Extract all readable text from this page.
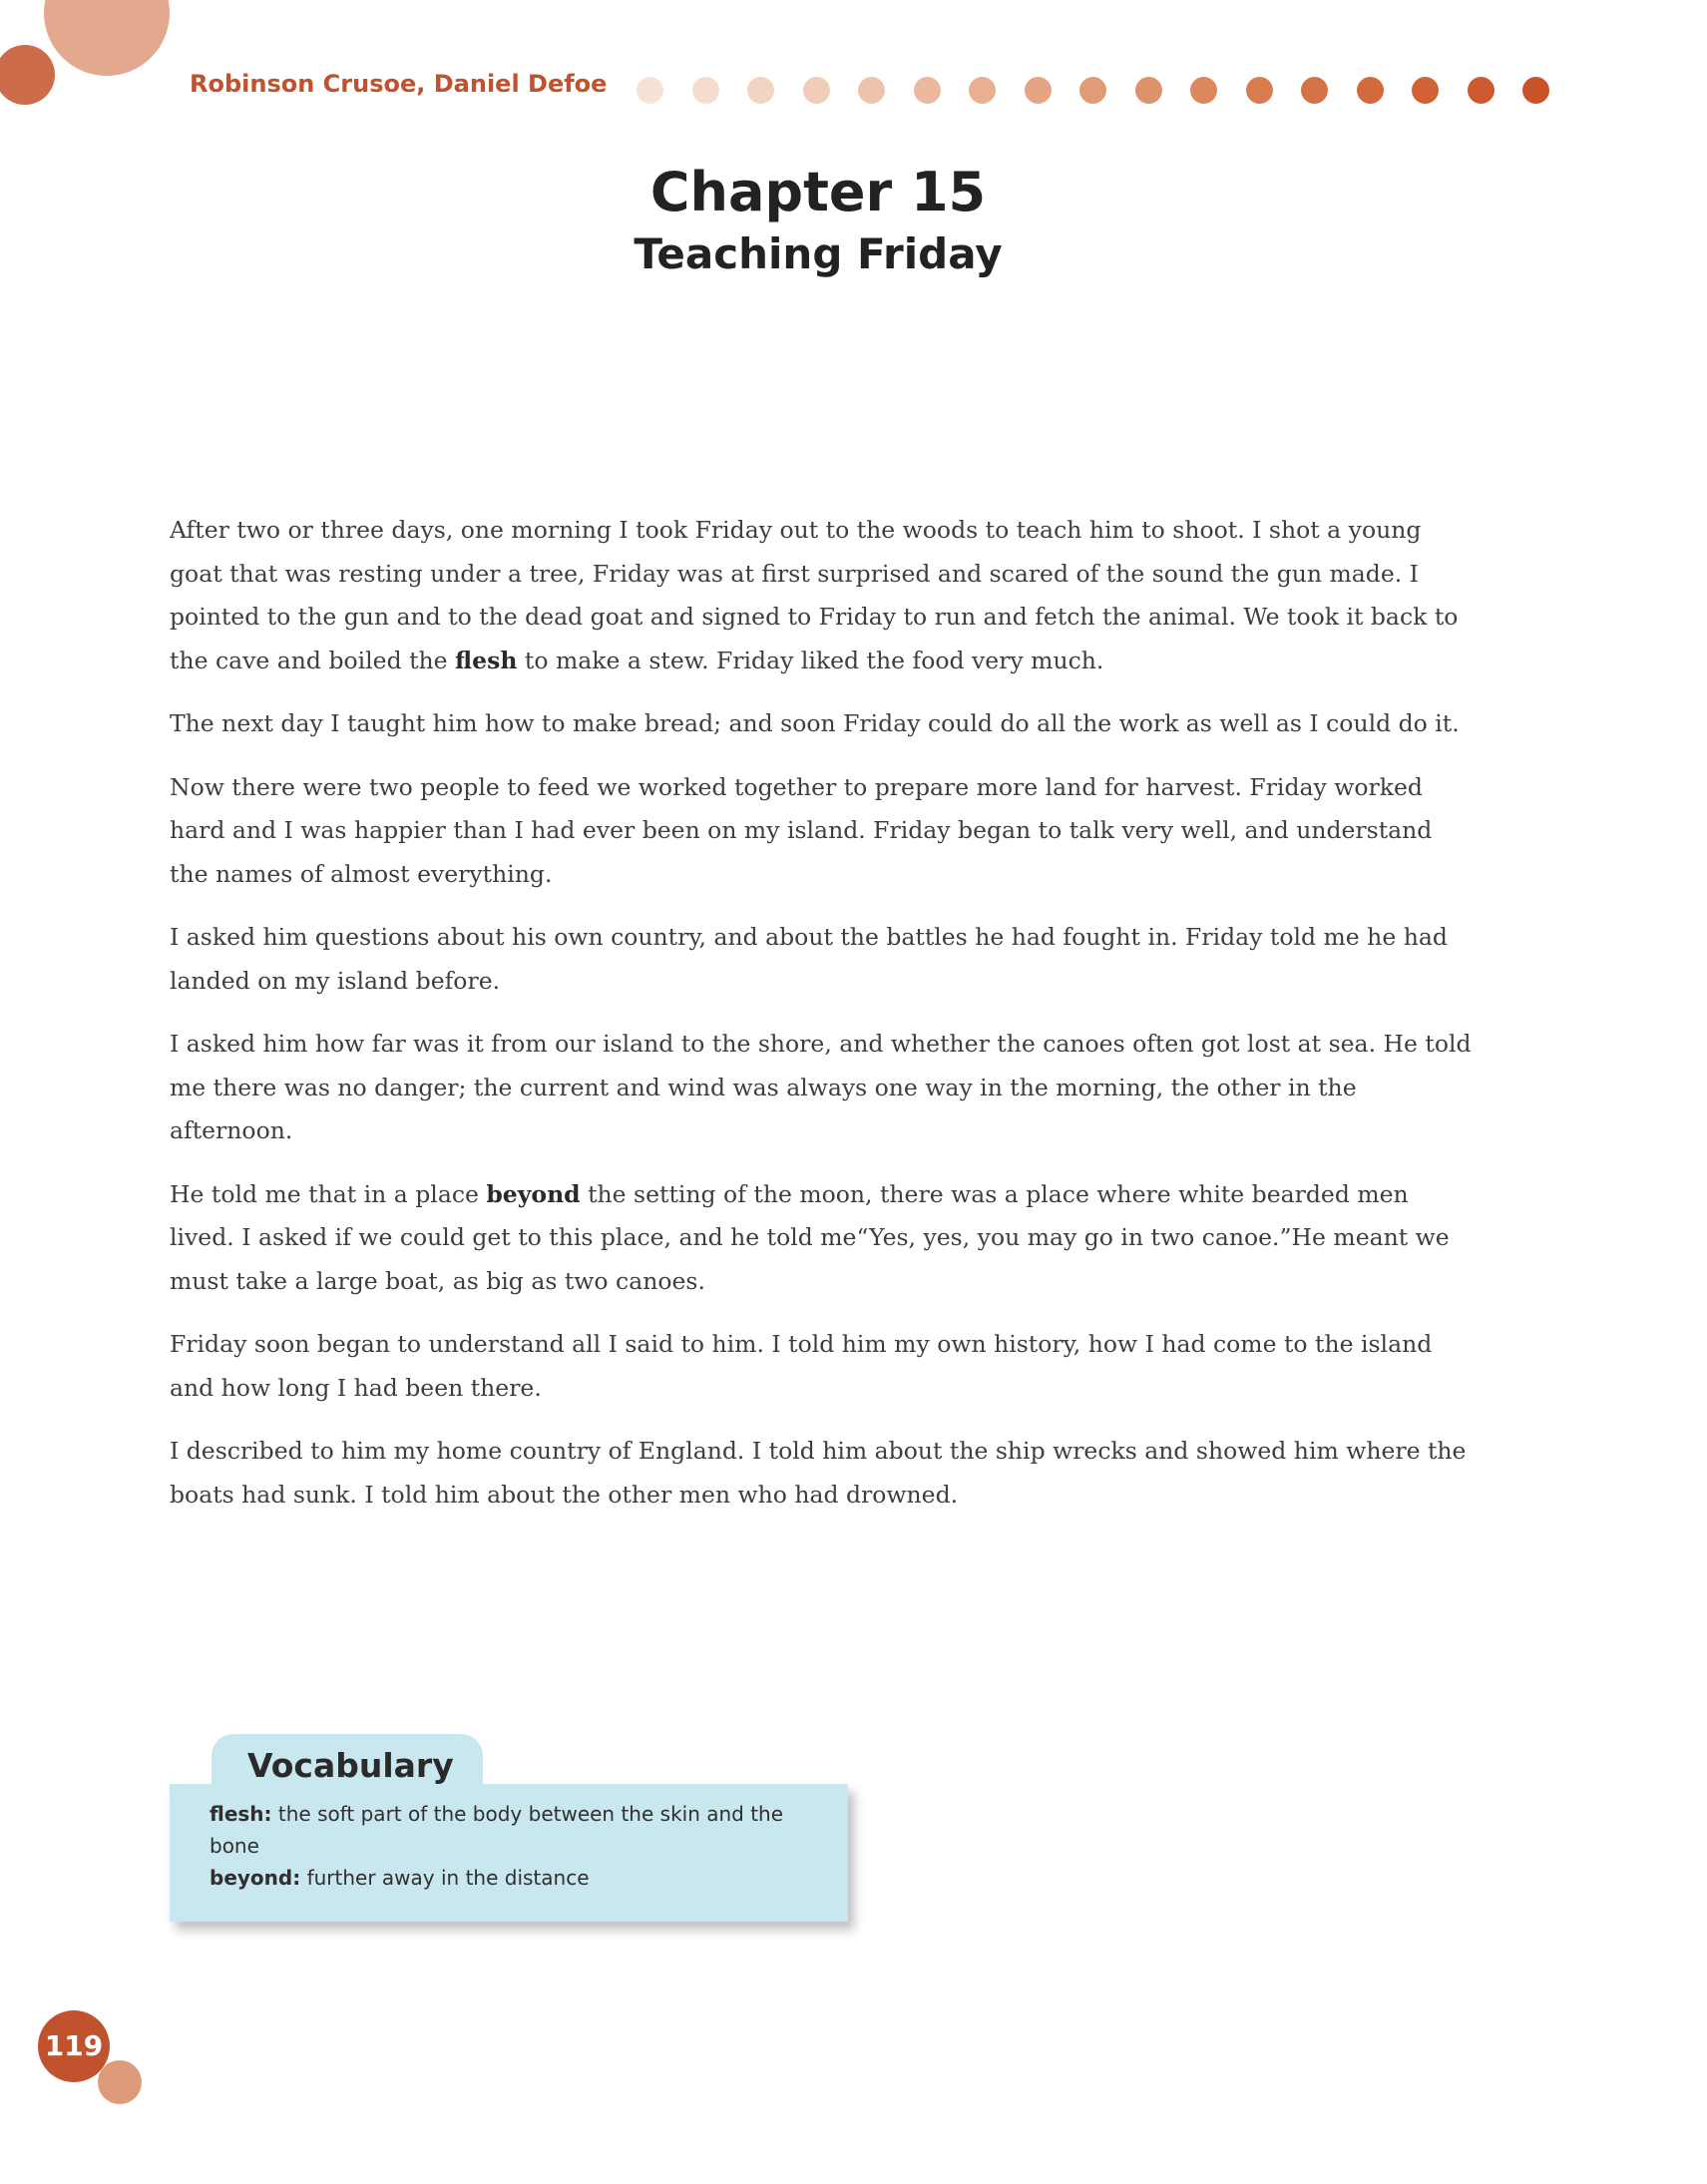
Robinson Crusoe, Daniel Defoe
Chapter 15
Teaching Friday

After two or three days, one morning I took Friday out to the woods to teach him to shoot. I shot a young goat that was resting under a tree, Friday was at first surprised and scared of the sound the gun made. I pointed to the gun and to the dead goat and signed to Friday to run and fetch the animal. We took it back to the cave and boiled the flesh to make a stew. Friday liked the food very much.

The next day I taught him how to make bread; and soon Friday could do all the work as well as I could do it.

Now there were two people to feed we worked together to prepare more land for harvest. Friday worked hard and I was happier than I had ever been on my island. Friday began to talk very well, and understand the names of almost everything.

I asked him questions about his own country, and about the battles he had fought in. Friday told me he had landed on my island before.

I asked him how far was it from our island to the shore, and whether the canoes often got lost at sea. He told me there was no danger; the current and wind was always one way in the morning, the other in the afternoon.

He told me that in a place beyond the setting of the moon, there was a place where white bearded men lived. I asked if we could get to this place, and he told me“Yes, yes, you may go in two canoe.”He meant we must take a large boat, as big as two canoes.

Friday soon began to understand all I said to him. I told him my own history, how I had come to the island and how long I had been there.

I described to him my home country of England. I told him about the ship wrecks and showed him where the boats had sunk. I told him about the other men who had drowned.

flesh: the soft part of the body between the skin and the bone
beyond: further away in the distance
Vocabulary
119
